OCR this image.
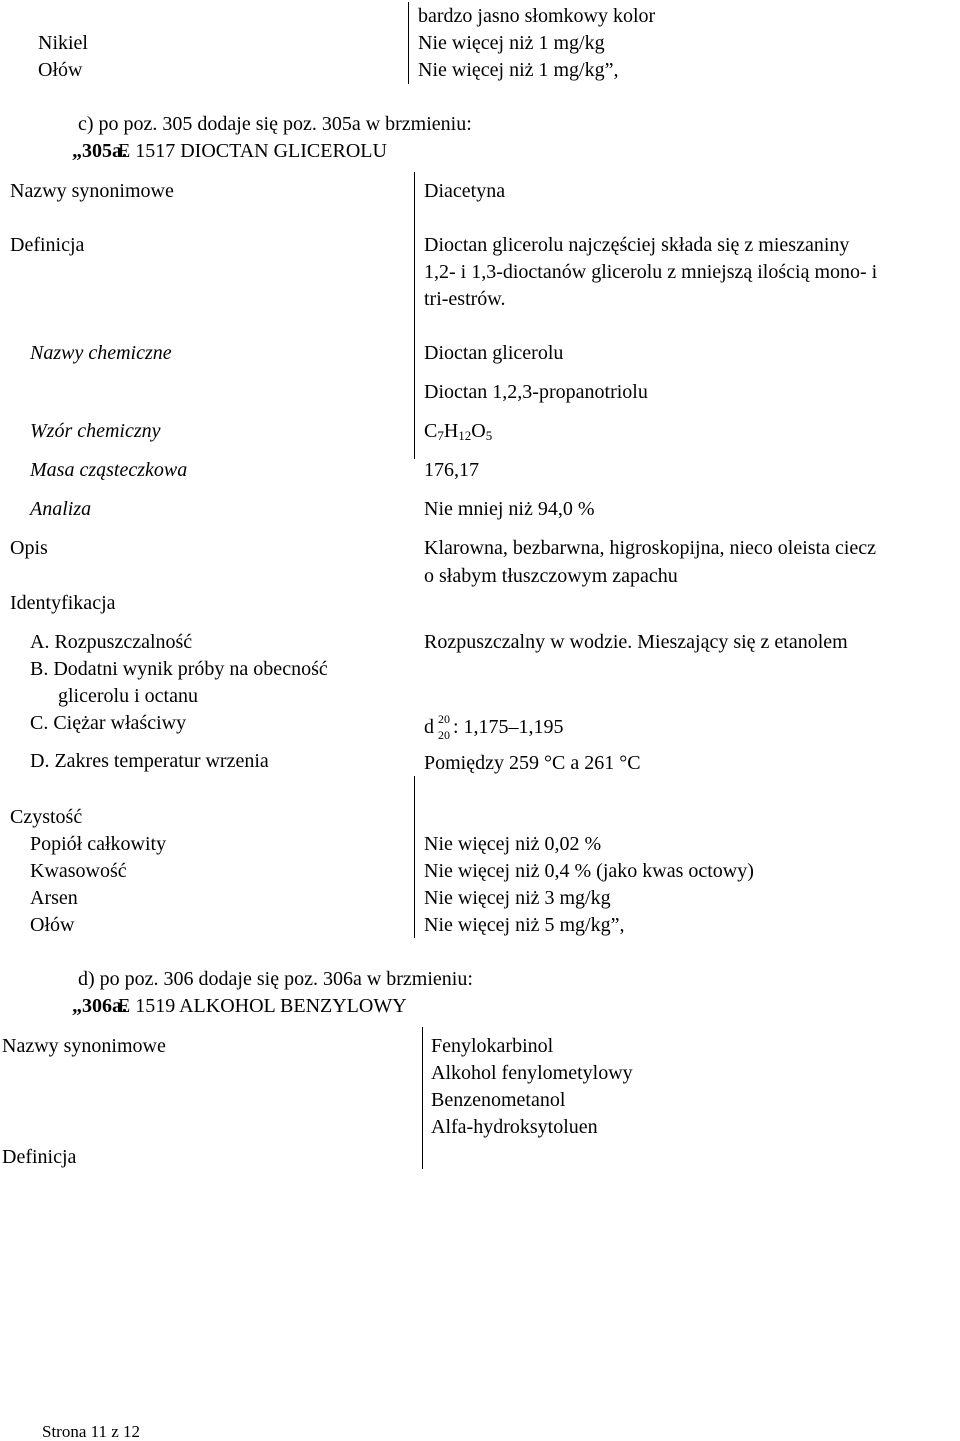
bardzo jasno słomkowy kolor
Nikiel	Nie więcej niż 1 mg/kg
Ołów	Nie więcej niż 1 mg/kg”,
c) po poz. 305 dodaje się poz. 305a w brzmieniu:
„305a.
E 1517 DIOCTAN GLICEROLU
Nazwy synonimowe	Diacetyna
Definicja	Dioctan glicerolu najczęściej składa się z mieszaniny
1,2- i 1,3-dioctanów glicerolu z mniejszą ilością mono- i
tri-estrów.
Nazwy chemiczne	Dioctan glicerolu
Dioctan 1,2,3-propanotriolu
Wzór chemiczny	$C_7H_{12}O_5$
Masa cząsteczkowa	176,17
Analiza	Nie mniej niż 94,0 %
Opis	Klarowna, bezbarwna, higroskopijna, nieco oleista ciecz
o słabym tłuszczowym zapachu
Identyfikacja
A. Rozpuszczalność	Rozpuszczalny w wodzie. Mieszający się z etanolem
B. Dodatni wynik próby na obecność
glicerolu i octanu
C. Ciężar właściwy	d 20
20 : 1,175–1,195
D. Zakres temperatur wrzenia	Pomiędzy 259 °C a 261 °C
Czystość
Popiół całkowity	Nie więcej niż 0,02 %
Kwasowość	Nie więcej niż 0,4 % (jako kwas octowy)
Arsen	Nie więcej niż 3 mg/kg
Ołów	Nie więcej niż 5 mg/kg”,
d) po poz. 306 dodaje się poz. 306a w brzmieniu:
„306a.
E 1519 ALKOHOL BENZYLOWY
Nazwy synonimowe	Fenylokarbinol
Alkohol fenylometylowy
Benzenometanol
Alfa-hydroksytoluen
Definicja
Strona 11 z 12
